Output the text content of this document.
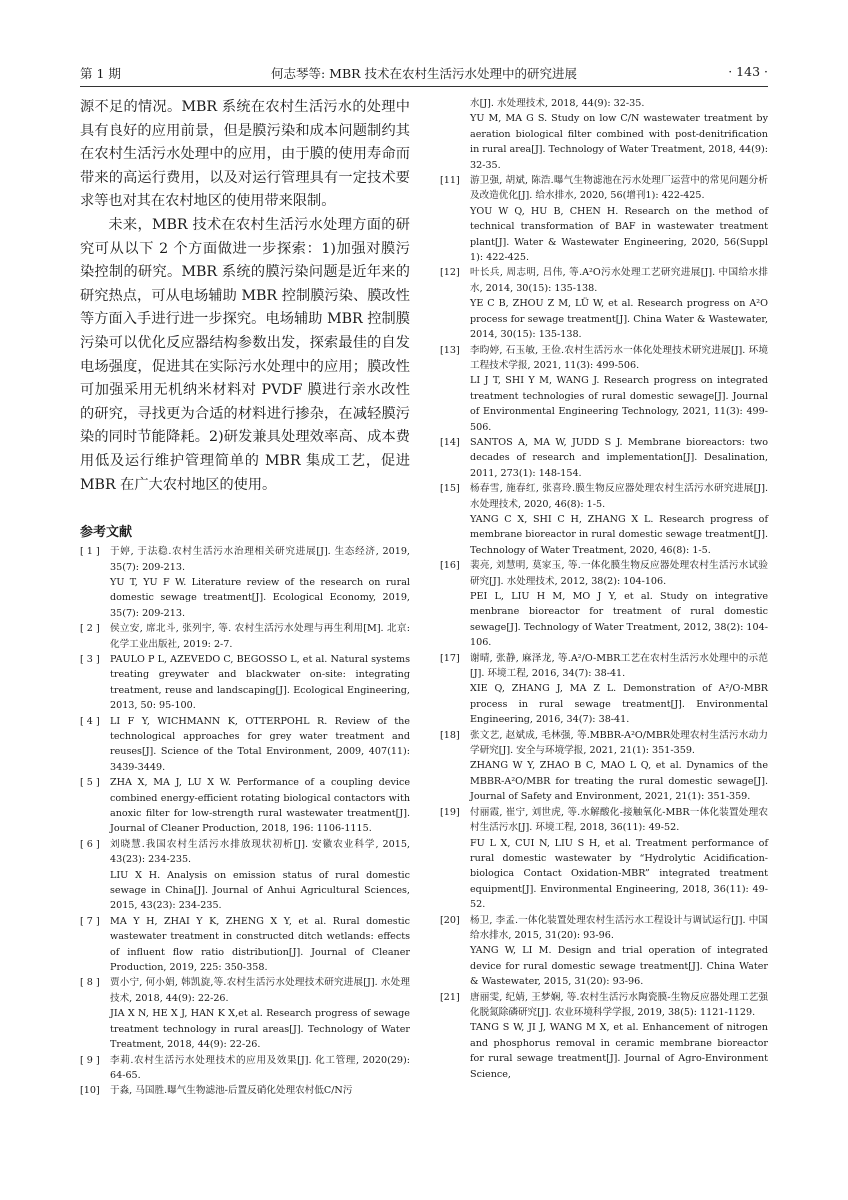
第 1 期	何志琴等: MBR 技术在农村生活污水处理中的研究进展	· 143 ·

源不足的情况。MBR 系统在农村生活污水的处理中具有良好的应用前景，但是膜污染和成本问题制约其在农村生活污水处理中的应用，由于膜的使用寿命而带来的高运行费用，以及对运行管理具有一定技术要求等也对其在农村地区的使用带来限制。

未来，MBR 技术在农村生活污水处理方面的研究可从以下 2 个方面做进一步探索：1)加强对膜污染控制的研究。MBR 系统的膜污染问题是近年来的研究热点，可从电场辅助 MBR 控制膜污染、膜改性等方面入手进行进一步探究。电场辅助 MBR 控制膜污染可以优化反应器结构参数出发，探索最佳的自发电场强度，促进其在实际污水处理中的应用；膜改性可加强采用无机纳米材料对 PVDF 膜进行亲水改性的研究，寻找更为合适的材料进行掺杂，在减轻膜污染的同时节能降耗。2)研发兼具处理效率高、成本费用低及运行维护管理简单的 MBR 集成工艺，促进 MBR 在广大农村地区的使用。

参考文献
[ 1 ]	于婷, 于法稳.农村生活污水治理相关研究进展[J]. 生态经济, 2019, 35(7): 209-213.
YU T, YU F W. Literature review of the research on rural domestic sewage treatment[J]. Ecological Economy, 2019, 35(7): 209-213.
[ 2 ]	侯立安, 席北斗, 张列宇, 等. 农村生活污水处理与再生利用[M]. 北京: 化学工业出版社, 2019: 2-7.
[ 3 ]	PAULO P L, AZEVEDO C, BEGOSSO L, et al. Natural systems treating greywater and blackwater on-site: integrating treatment, reuse and landscaping[J]. Ecological Engineering, 2013, 50: 95-100.
[ 4 ]	LI F Y, WICHMANN K, OTTERPOHL R. Review of the technological approaches for grey water treatment and reuses[J]. Science of the Total Environment, 2009, 407(11): 3439-3449.
[ 5 ]	ZHA X, MA J, LU X W. Performance of a coupling device combined energy-efficient rotating biological contactors with anoxic filter for low-strength rural wastewater treatment[J]. Journal of Cleaner Production, 2018, 196: 1106-1115.
[ 6 ]	刘晓慧.我国农村生活污水排放现状初析[J]. 安徽农业科学, 2015, 43(23): 234-235.
LIU X H. Analysis on emission status of rural domestic sewage in China[J]. Journal of Anhui Agricultural Sciences, 2015, 43(23): 234-235.
[ 7 ]	MA Y H, ZHAI Y K, ZHENG X Y, et al. Rural domestic wastewater treatment in constructed ditch wetlands: effects of influent flow ratio distribution[J]. Journal of Cleaner Production, 2019, 225: 350-358.
[ 8 ]	贾小宁, 何小娟, 韩凯旋,等.农村生活污水处理技术研究进展[J]. 水处理技术, 2018, 44(9): 22-26.
JIA X N, HE X J, HAN K X,et al. Research progress of sewage treatment technology in rural areas[J]. Technology of Water Treatment, 2018, 44(9): 22-26.
[ 9 ]	李莉.农村生活污水处理技术的应用及效果[J]. 化工管理, 2020(29): 64-65.
[10]	于淼, 马国胜.曝气生物滤池-后置反硝化处理农村低C/N污
水[J]. 水处理技术, 2018, 44(9): 32-35.
YU M, MA G S. Study on low C/N wastewater treatment by aeration biological filter combined with post-denitrification in rural area[J]. Technology of Water Treatment, 2018, 44(9): 32-35.
[11]	游卫强, 胡斌, 陈浩.曝气生物滤池在污水处理厂运营中的常见问题分析及改造优化[J]. 给水排水, 2020, 56(增刊1): 422-425.
YOU W Q, HU B, CHEN H. Research on the method of technical transformation of BAF in wastewater treatment plant[J]. Water & Wastewater Engineering, 2020, 56(Suppl 1): 422-425.
[12]	叶长兵, 周志明, 吕伟, 等.A²O污水处理工艺研究进展[J]. 中国给水排水, 2014, 30(15): 135-138.
YE C B, ZHOU Z M, LÜ W, et al. Research progress on A²O process for sewage treatment[J]. China Water & Wastewater, 2014, 30(15): 135-138.
[13]	李昀婷, 石玉敏, 王俭.农村生活污水一体化处理技术研究进展[J]. 环境工程技术学报, 2021, 11(3): 499-506.
LI J T, SHI Y M, WANG J. Research progress on integrated treatment technologies of rural domestic sewage[J]. Journal of Environmental Engineering Technology, 2021, 11(3): 499-506.
[14]	SANTOS A, MA W, JUDD S J. Membrane bioreactors: two decades of research and implementation[J]. Desalination, 2011, 273(1): 148-154.
[15]	杨春雪, 施春红, 张喜玲.膜生物反应器处理农村生活污水研究进展[J]. 水处理技术, 2020, 46(8): 1-5.
YANG C X, SHI C H, ZHANG X L. Research progress of membrane bioreactor in rural domestic sewage treatment[J]. Technology of Water Treatment, 2020, 46(8): 1-5.
[16]	裴亮, 刘慧明, 莫家玉, 等.一体化膜生物反应器处理农村生活污水试验研究[J]. 水处理技术, 2012, 38(2): 104-106.
PEI L, LIU H M, MO J Y, et al. Study on integrative menbrane bioreactor for treatment of rural domestic sewage[J]. Technology of Water Treatment, 2012, 38(2): 104-106.
[17]	谢晴, 张静, 麻泽龙, 等.A²/O-MBR工艺在农村生活污水处理中的示范[J]. 环境工程, 2016, 34(7): 38-41.
XIE Q, ZHANG J, MA Z L. Demonstration of A²/O-MBR process in rural sewage treatment[J]. Environmental Engineering, 2016, 34(7): 38-41.
[18]	张文艺, 赵斌成, 毛林强, 等.MBBR-A²O/MBR处理农村生活污水动力学研究[J]. 安全与环境学报, 2021, 21(1): 351-359.
ZHANG W Y, ZHAO B C, MAO L Q, et al. Dynamics of the MBBR-A²O/MBR for treating the rural domestic sewage[J]. Journal of Safety and Environment, 2021, 21(1): 351-359.
[19]	付丽霞, 崔宁, 刘世虎, 等.水解酸化-接触氧化-MBR一体化装置处理农村生活污水[J]. 环境工程, 2018, 36(11): 49-52.
FU L X, CUI N, LIU S H, et al. Treatment performance of rural domestic wastewater by “Hydrolytic Acidification-biologica Contact Oxidation-MBR” integrated treatment equipment[J]. Environmental Engineering, 2018, 36(11): 49-52.
[20]	杨卫, 李孟.一体化装置处理农村生活污水工程设计与调试运行[J]. 中国给水排水, 2015, 31(20): 93-96.
YANG W, LI M. Design and trial operation of integrated device for rural domestic sewage treatment[J]. China Water & Wastewater, 2015, 31(20): 93-96.
[21]	唐丽雯, 纪婧, 王梦娴, 等.农村生活污水陶瓷膜-生物反应器处理工艺强化脱氮除磷研究[J]. 农业环境科学学报, 2019, 38(5): 1121-1129.
TANG S W, JI J, WANG M X, et al. Enhancement of nitrogen and phosphorus removal in ceramic membrane bioreactor for rural sewage treatment[J]. Journal of Agro-Environment Science,
